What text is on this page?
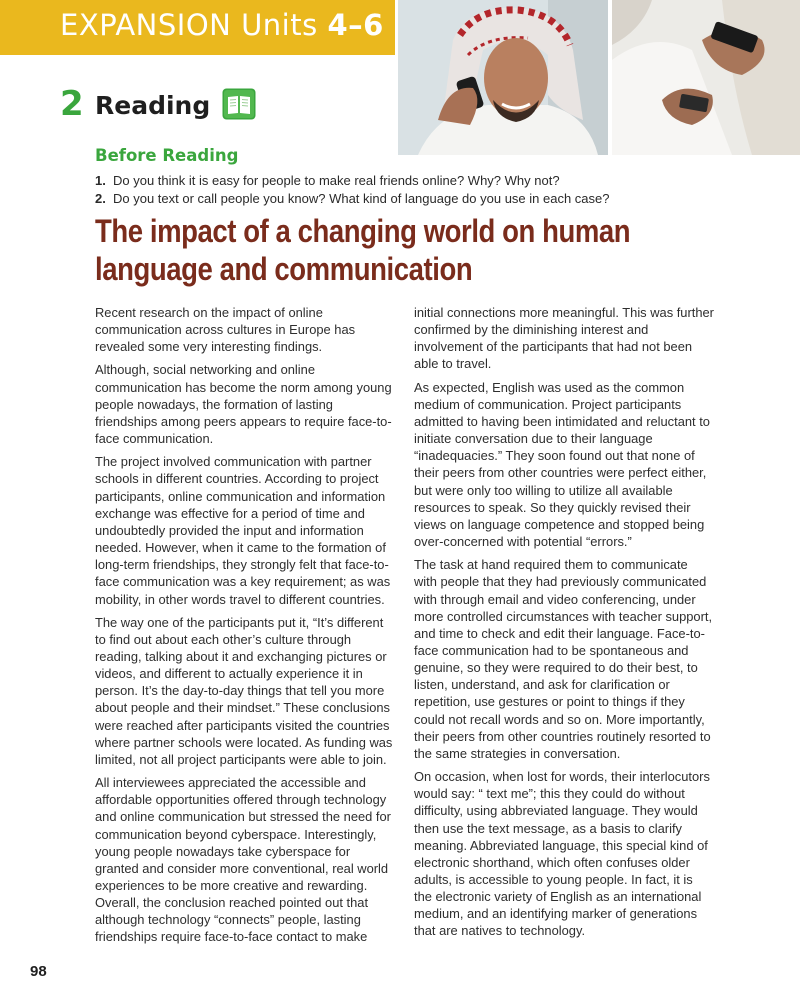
EXPANSION Units 4–6
2 Reading
Before Reading
1. Do you think it is easy for people to make real friends online? Why? Why not?
2. Do you text or call people you know? What kind of language do you use in each case?
The impact of a changing world on human
language and communication

Recent research on the impact of online communication across cultures in Europe has revealed some very interesting findings.

Although, social networking and online communication has become the norm among young people nowadays, the formation of lasting friendships among peers appears to require face-to-face communication.

The project involved communication with partner schools in different countries. According to project participants, online communication and information exchange was effective for a period of time and undoubtedly provided the input and information needed. However, when it came to the formation of long-term friendships, they strongly felt that face-to-face communication was a key requirement; as was mobility, in other words travel to different countries.

The way one of the participants put it, “It’s different to find out about each other’s culture through reading, talking about it and exchanging pictures or videos, and different to actually experience it in person. It’s the day-to-day things that tell you more about people and their mindset.” These conclusions were reached after participants visited the countries where partner schools were located. As funding was limited, not all project participants were able to join.

All interviewees appreciated the accessible and affordable opportunities offered through technology and online communication but stressed the need for communication beyond cyberspace. Interestingly, young people nowadays take cyberspace for granted and consider more conventional, real world experiences to be more creative and rewarding. Overall, the conclusion reached pointed out that although technology “connects” people, lasting friendships require face-to-face contact to make

initial connections more meaningful. This was further confirmed by the diminishing interest and involvement of the participants that had not been able to travel.

As expected, English was used as the common medium of communication. Project participants admitted to having been intimidated and reluctant to initiate conversation due to their language “inadequacies.” They soon found out that none of their peers from other countries were perfect either, but were only too willing to utilize all available resources to speak. So they quickly revised their views on language competence and stopped being over-concerned with potential “errors.”

The task at hand required them to communicate with people that they had previously communicated with through email and video conferencing, under more controlled circumstances with teacher support, and time to check and edit their language. Face-to-face communication had to be spontaneous and genuine, so they were required to do their best, to listen, understand, and ask for clarification or repetition, use gestures or point to things if they could not recall words and so on. More importantly, their peers from other countries routinely resorted to the same strategies in conversation.

On occasion, when lost for words, their interlocutors would say: “ text me”; this they could do without difficulty, using abbreviated language. They would then use the text message, as a basis to clarify meaning. Abbreviated language, this special kind of electronic shorthand, which often confuses older adults, is accessible to young people. In fact, it is the electronic variety of English as an international medium, and an identifying marker of generations that are natives to technology.

98
